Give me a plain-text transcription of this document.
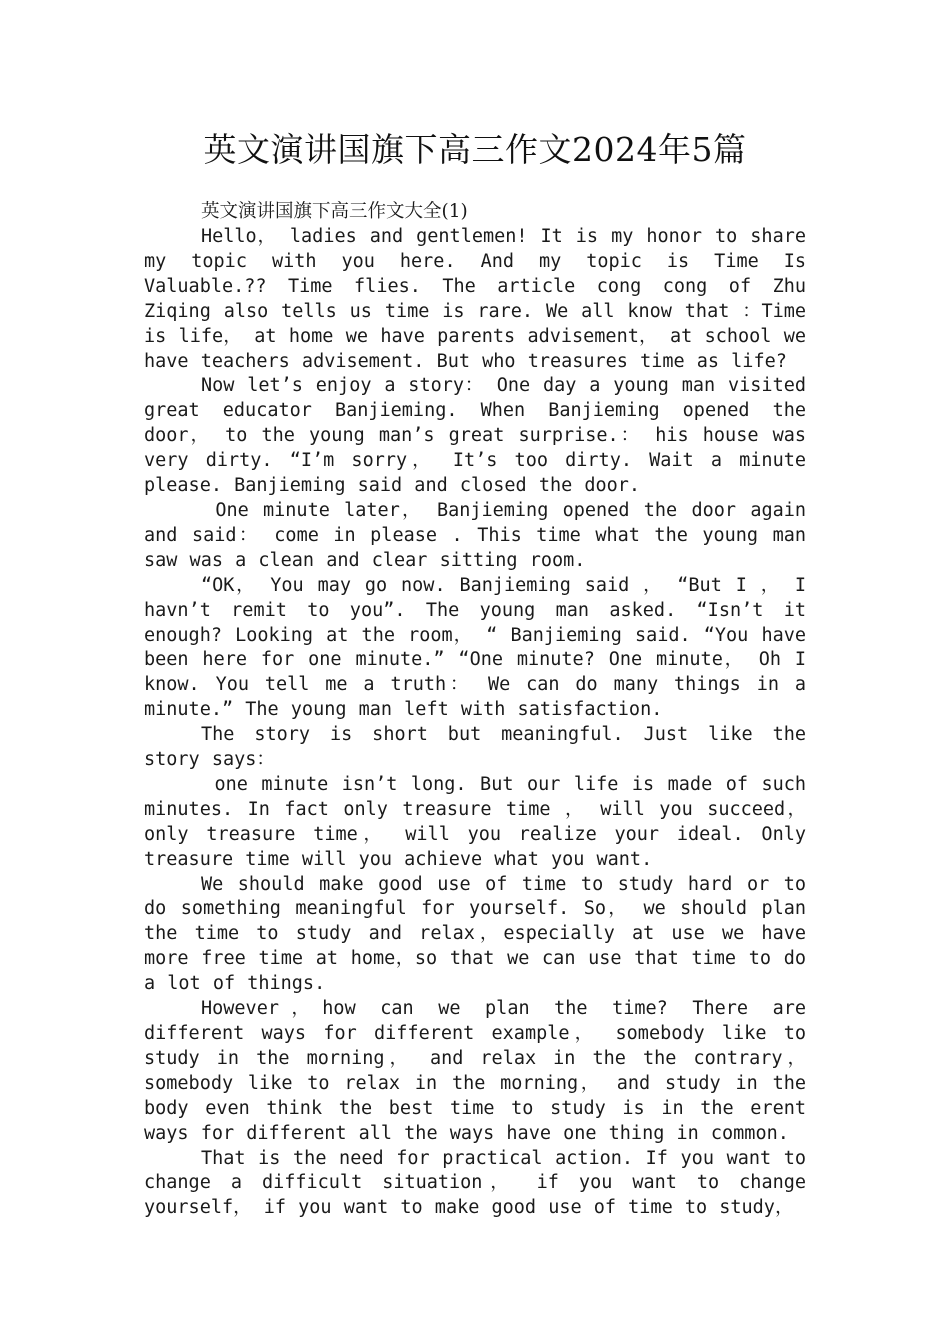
英文演讲国旗下高三作文2024年5篇

英文演讲国旗下高三作文大全(1)

Hello， ladies and gentlemen! It is my honor to share my topic with you here. And my topic is Time Is Valuable.?? Time flies. The article cong cong of Zhu Ziqing also tells us time is rare. We all know that ：Time is life， at home we have parents advisement， at school we have teachers advisement. But who treasures time as life?

Now let’s enjoy a story： One day a young man visited great educator Banjieming. When Banjieming opened the door， to the young man’s great surprise.： his house was very dirty. “I’m sorry， It’s too dirty. Wait a minute please. Banjieming said and closed the door.

One minute later， Banjieming opened the door again and said： come in please . This time what the young man saw was a clean and clear sitting room.

“OK， You may go now. Banjieming said ， “But I ， I havn’t remit to you”. The young man asked. “Isn’t it enough? Looking at the room， “ Banjieming said. “You have been here for one minute.” “One minute? One minute， Oh I know. You tell me a truth： We can do many things in a minute.” The young man left with satisfaction.

The story is short but meaningful. Just like the story says：

one minute isn’t long. But our life is made of such minutes. In fact only treasure time ， will you succeed， only treasure time， will you realize your ideal. Only treasure time will you achieve what you want.

We should make good use of time to study hard or to do something meaningful for yourself. So， we should plan the time to study and relax，especially at use we have more free time at home，so that we can use that time to do a lot of things.

However，how can we plan the time? There are different ways for different example， somebody like to study in the morning， and relax in the the contrary， somebody like to relax in the morning， and study in the body even think the best time to study is in the erent ways for different all the ways have one thing in common.

That is the need for practical action. If you want to change a difficult situation， if you want to change yourself， if you want to make good use of time to study，
